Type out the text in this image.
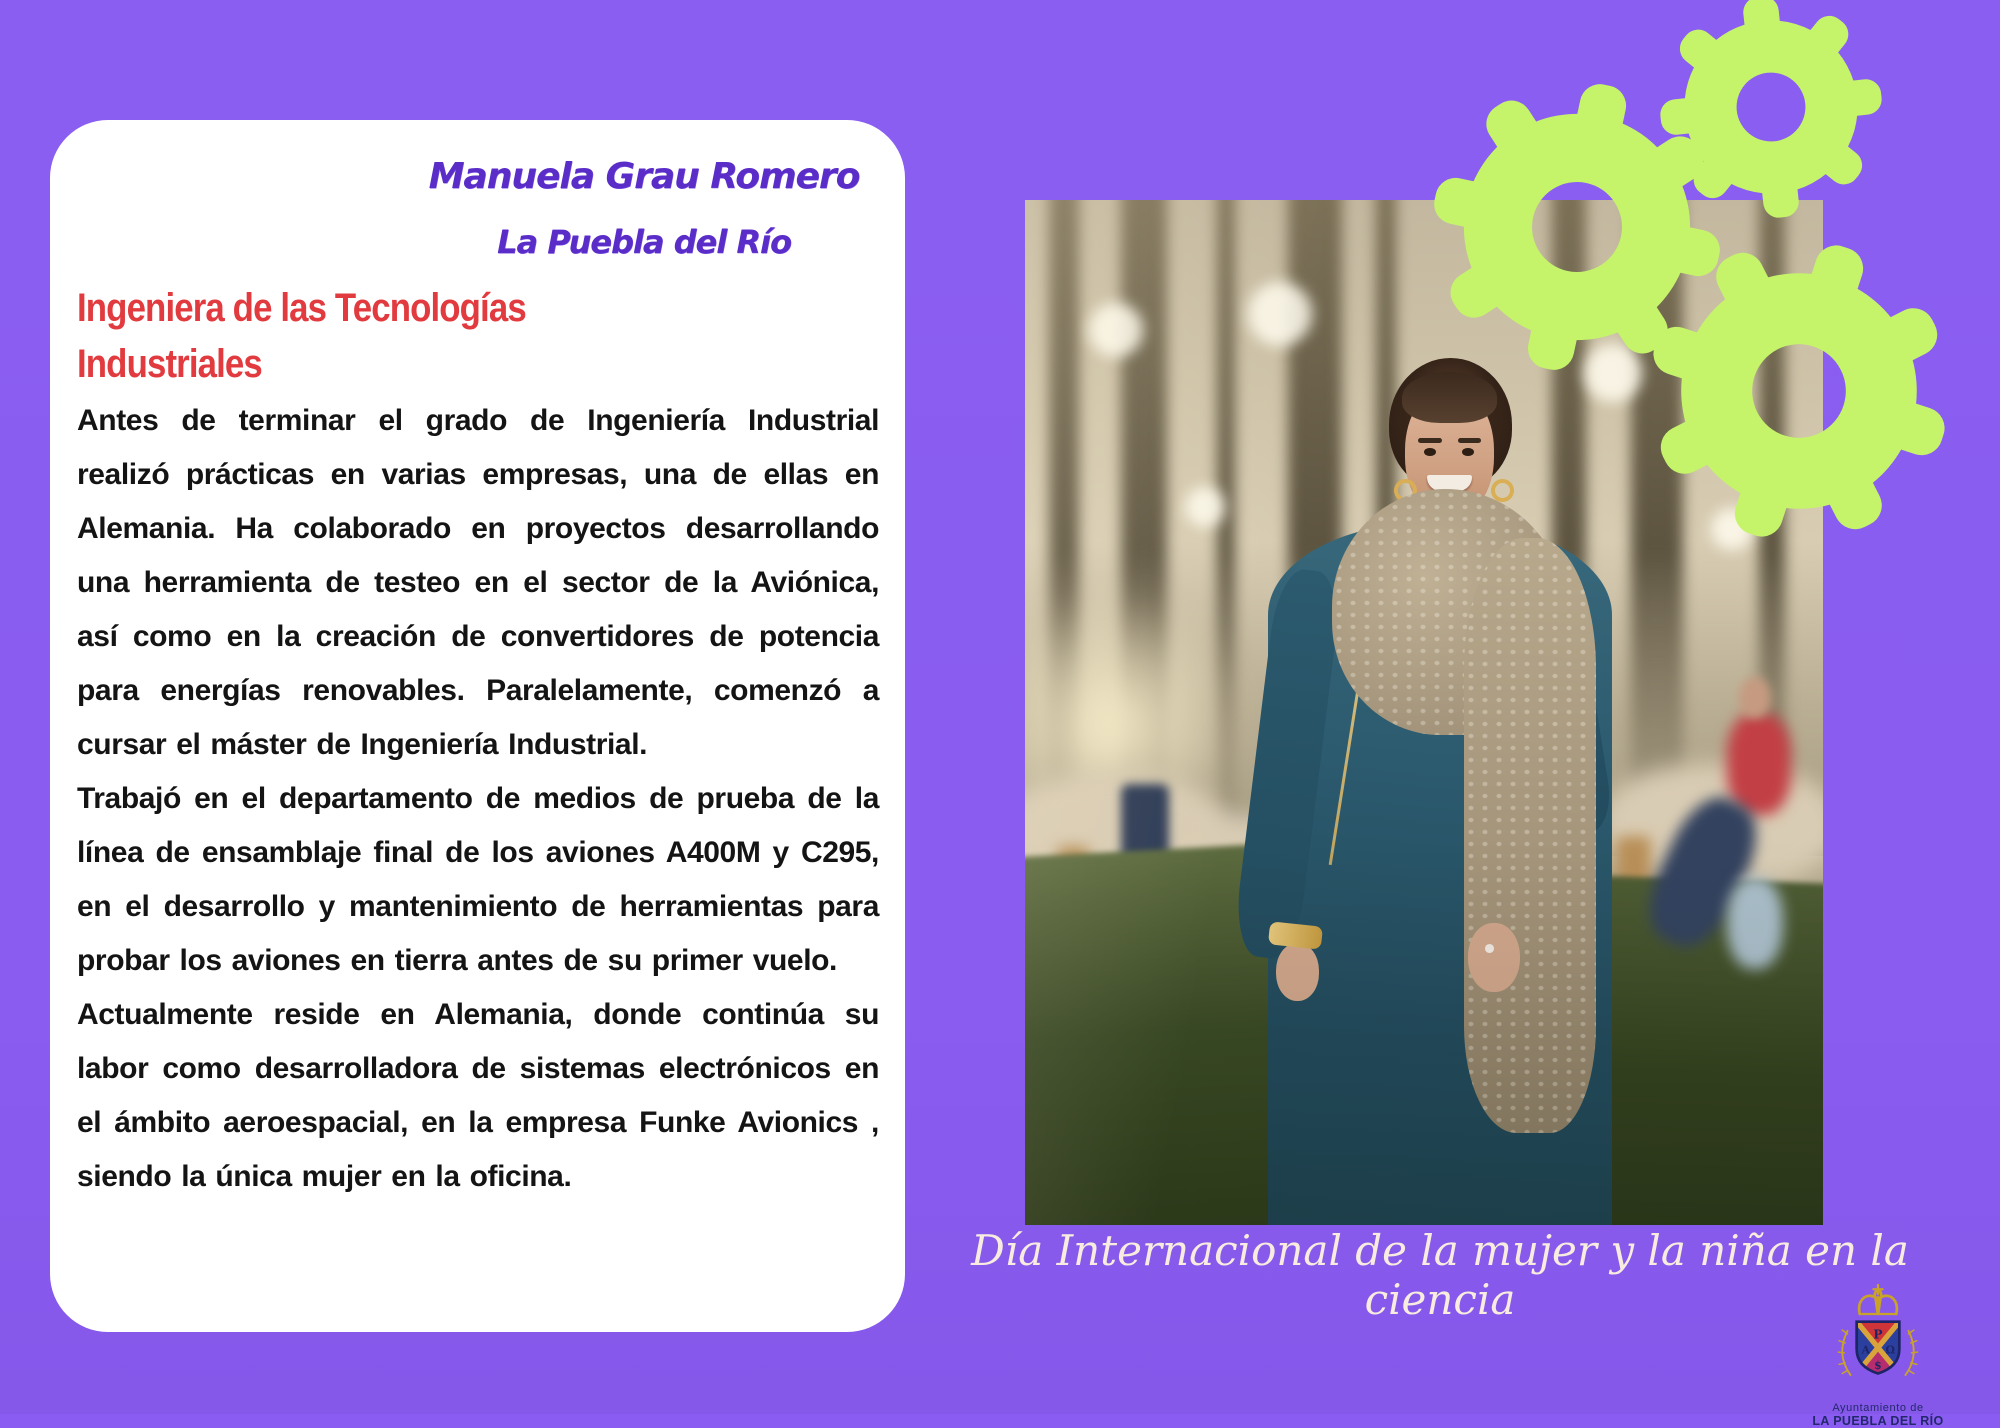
Manuela Grau Romero
La Puebla del Río
Ingeniera de las Tecnologías Industriales

Antes de terminar el grado de Ingeniería Industrial realizó prácticas en varias empresas, una de ellas en Alemania. Ha colaborado en proyectos desarrollando una herramienta de testeo en el sector de la Aviónica, así como en la creación de convertidores de potencia para energías renovables. Paralelamente, comenzó a cursar el máster de Ingeniería Industrial.

Trabajó en el departamento de medios de prueba de la línea de ensamblaje final de los aviones A400M y C295, en el desarrollo y mantenimiento de herramientas para probar los aviones en tierra antes de su primer vuelo.

Actualmente reside en Alemania, donde continúa su labor como desarrolladora de sistemas electrónicos en el ámbito aeroespacial, en la empresa Funke Avionics , siendo la única mujer en la oficina.

Día Internacional de la mujer y la niña en la ciencia
Ρ
Α Ω
$
Ayuntamiento de
LA PUEBLA DEL RÍO
